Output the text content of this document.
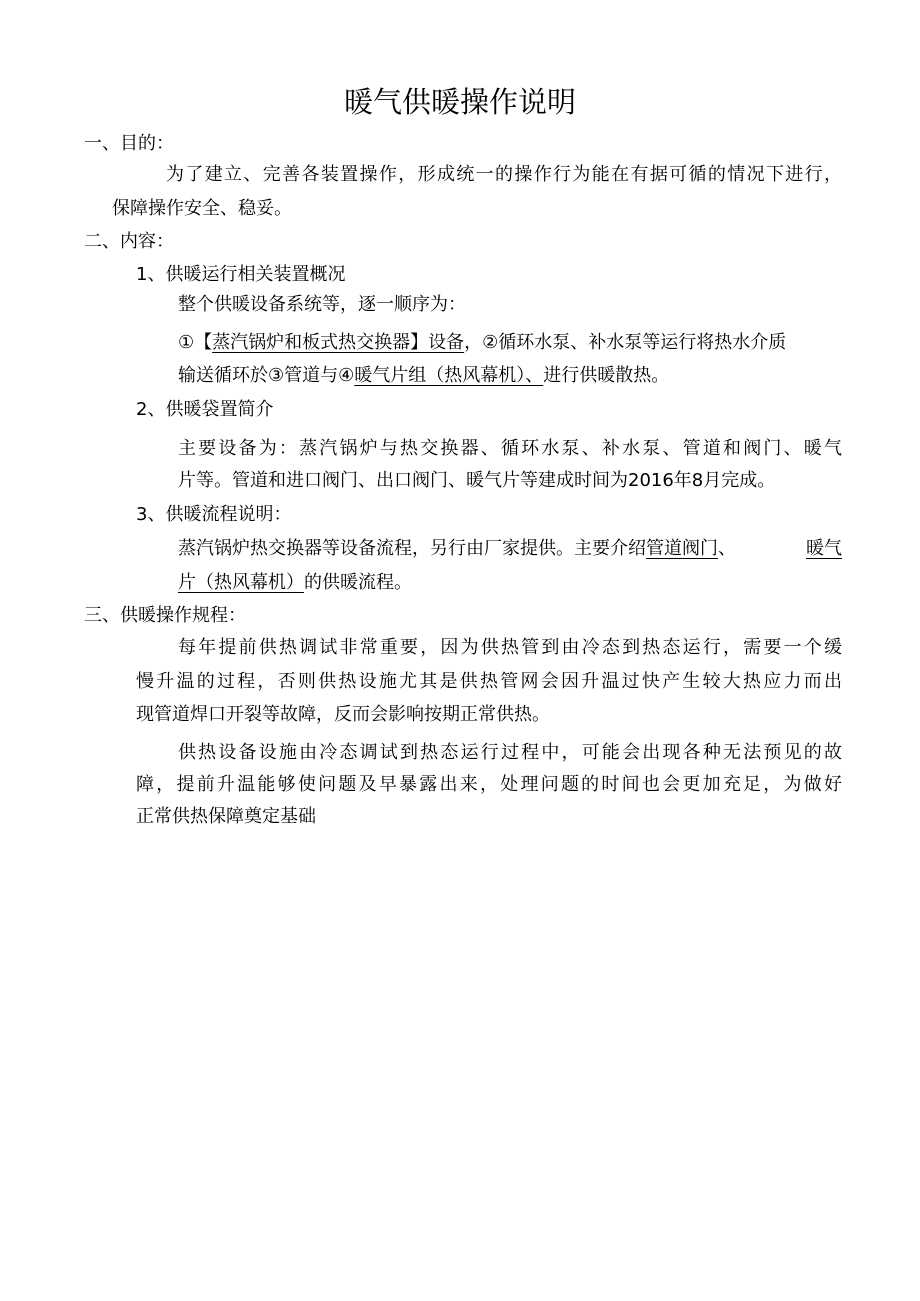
暖气供暖操作说明
一、目的：
为了建立、完善各装置操作，形成统一的操作行为能在有据可循的情况下进行，
保障操作安全、稳妥。
二、内容：
1、供暖运行相关装置概况
整个供暖设备系统等，逐一顺序为：
①【蒸汽锅炉和板式热交换器】设备，②循环水泵、补水泵等运行将热水介质
输送循环於③管道与④暖气片组（热风幕机）、进行供暖散热。
2、供暖袋置简介
主要设备为：蒸汽锅炉与热交换器、循环水泵、补水泵、管道和阀门、暖气
片等。管道和进口阀门、出口阀门、暖气片等建成时间为2016年8月完成。
3、供暖流程说明：
蒸汽锅炉热交换器等设备流程，另行由厂家提供。主要介绍 管道阀门 、	暖气
片（热风幕机）的供暖流程。
三、供暖操作规程：
每年提前供热调试非常重要，因为供热管到由冷态到热态运行，需要一个缓
慢升温的过程，否则供热设施尤其是供热管网会因升温过快产生较大热应力而出
现管道焊口开裂等故障，反而会影响按期正常供热。
供热设备设施由冷态调试到热态运行过程中，可能会出现各种无法预见的故
障，提前升温能够使问题及早暴露出来，处理问题的时间也会更加充足，为做好
正常供热保障奠定基础
